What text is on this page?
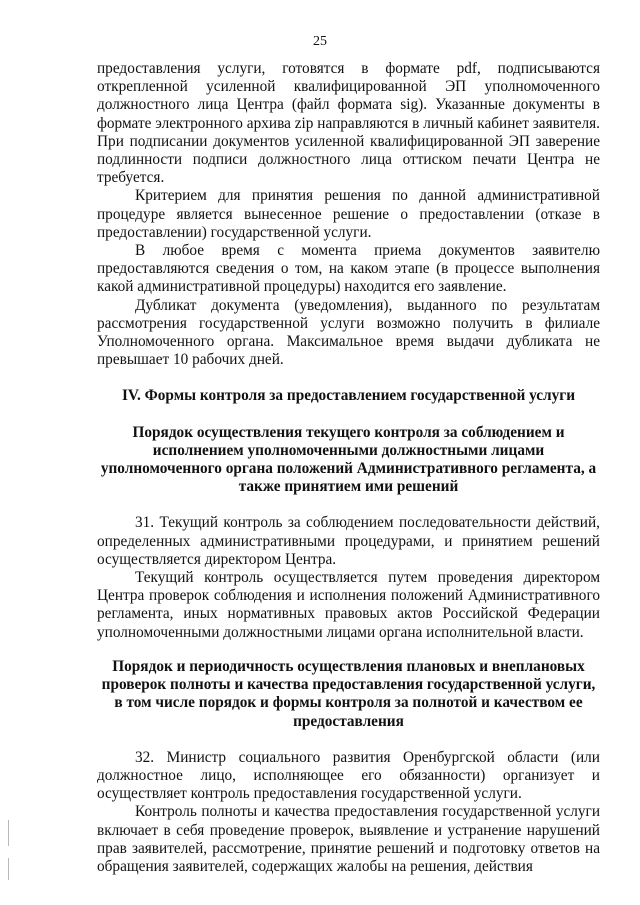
25

предоставления услуги, готовятся в формате pdf, подписываются открепленной усиленной квалифицированной ЭП уполномоченного должностного лица Центра (файл формата sig). Указанные документы в формате электронного архива zip направляются в личный кабинет заявителя. При подписании документов усиленной квалифицированной ЭП заверение подлинности подписи должностного лица оттиском печати Центра не требуется.

Критерием для принятия решения по данной административной процедуре является вынесенное решение о предоставлении (отказе в предоставлении) государственной услуги.

В любое время с момента приема документов заявителю предоставляются сведения о том, на каком этапе (в процессе выполнения какой административной процедуры) находится его заявление.

Дубликат документа (уведомления), выданного по результатам рассмотрения государственной услуги возможно получить в филиале Уполномоченного органа. Максимальное время выдачи дубликата не превышает 10 рабочих дней.

IV. Формы контроля за предоставлением государственной услуги

Порядок осуществления текущего контроля за соблюдением и исполнением уполномоченными должностными лицами уполномоченного органа положений Административного регламента, а также принятием ими решений

31. Текущий контроль за соблюдением последовательности действий, определенных административными процедурами, и принятием решений осуществляется директором Центра.

Текущий контроль осуществляется путем проведения директором Центра проверок соблюдения и исполнения положений Административного регламента, иных нормативных правовых актов Российской Федерации уполномоченными должностными лицами органа исполнительной власти.

Порядок и периодичность осуществления плановых и внеплановых проверок полноты и качества предоставления государственной услуги, в том числе порядок и формы контроля за полнотой и качеством ее предоставления

32. Министр социального развития Оренбургской области (или должностное лицо, исполняющее его обязанности) организует и осуществляет контроль предоставления государственной услуги.

Контроль полноты и качества предоставления государственной услуги включает в себя проведение проверок, выявление и устранение нарушений прав заявителей, рассмотрение, принятие решений и подготовку ответов на обращения заявителей, содержащих жалобы на решения, действия
